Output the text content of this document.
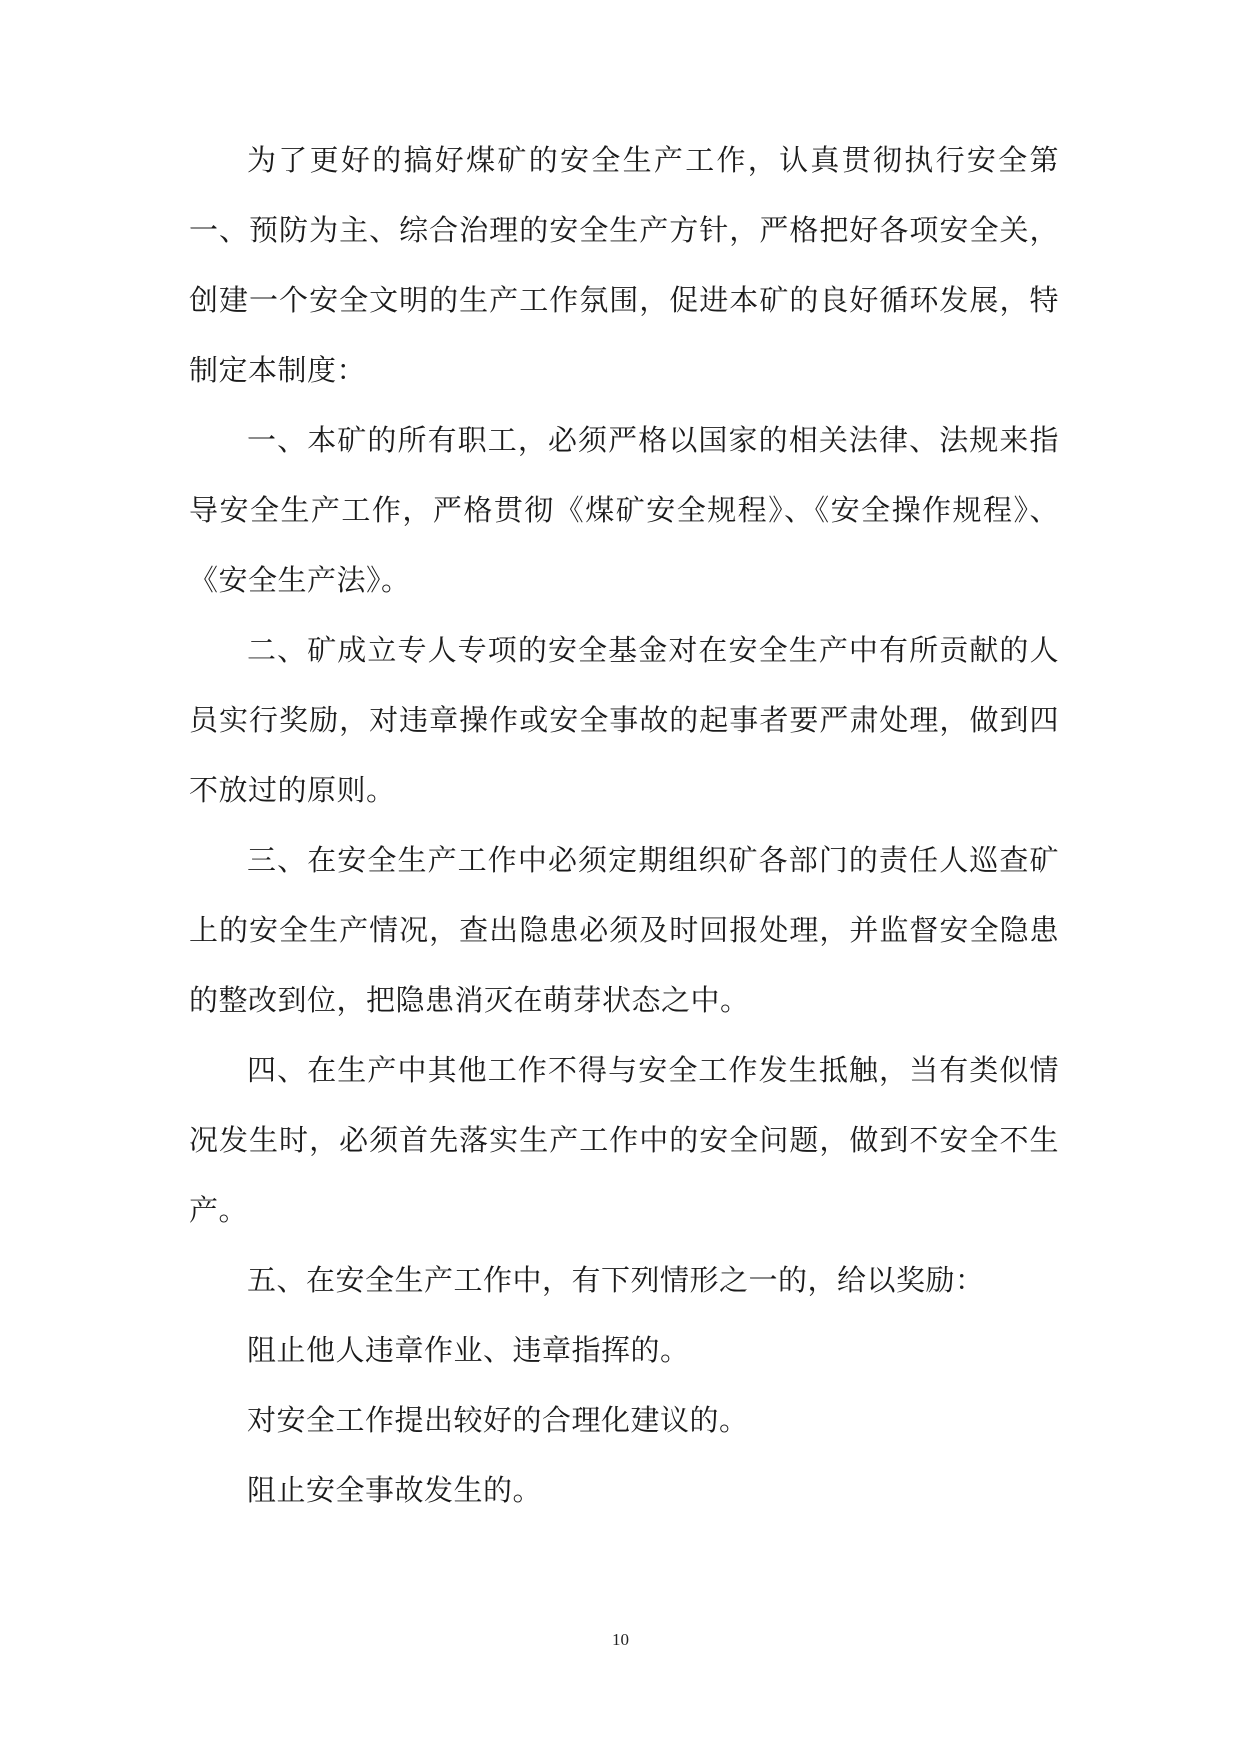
为了更好的搞好煤矿的安全生产工作，认真贯彻执行安全第一、预防为主、综合治理的安全生产方针，严格把好各项安全关，创建一个安全文明的生产工作氛围，促进本矿的良好循环发展，特制定本制度：

一、本矿的所有职工，必须严格以国家的相关法律、法规来指导安全生产工作，严格贯彻《煤矿安全规程》、《安全操作规程》、《安全生产法》。

二、矿成立专人专项的安全基金对在安全生产中有所贡献的人员实行奖励，对违章操作或安全事故的起事者要严肃处理，做到四不放过的原则。

三、在安全生产工作中必须定期组织矿各部门的责任人巡查矿上的安全生产情况，查出隐患必须及时回报处理，并监督安全隐患的整改到位，把隐患消灭在萌芽状态之中。

四、在生产中其他工作不得与安全工作发生抵触，当有类似情况发生时，必须首先落实生产工作中的安全问题，做到不安全不生产。

五、在安全生产工作中，有下列情形之一的，给以奖励：

阻止他人违章作业、违章指挥的。

对安全工作提出较好的合理化建议的。

阻止安全事故发生的。

10
